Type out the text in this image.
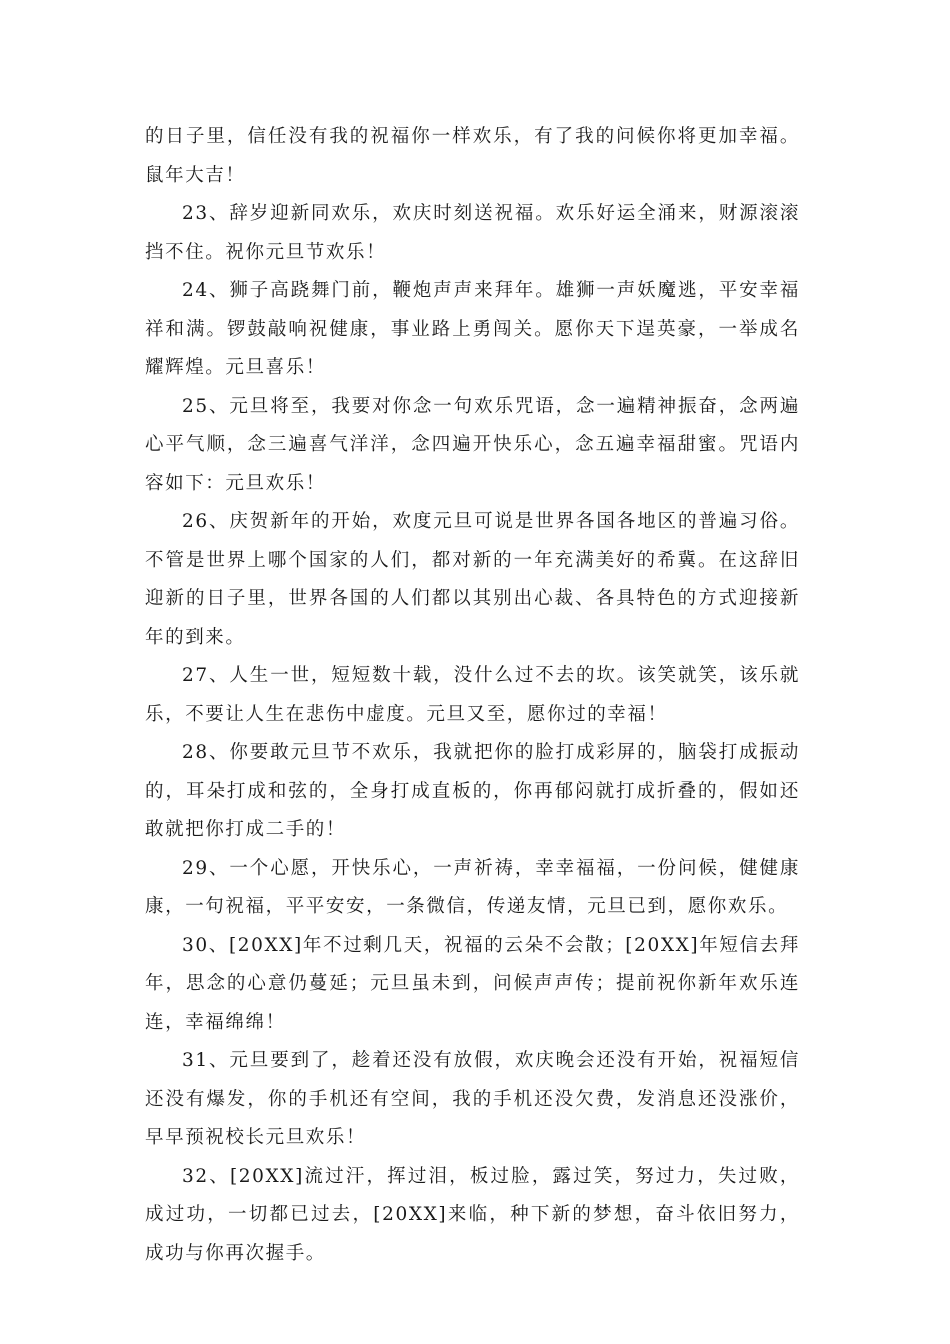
的日子里，信任没有我的祝福你一样欢乐，有了我的问候你将更加幸福。鼠年大吉！

23、辞岁迎新同欢乐，欢庆时刻送祝福。欢乐好运全涌来，财源滚滚挡不住。祝你元旦节欢乐！

24、狮子高跷舞门前，鞭炮声声来拜年。雄狮一声妖魔逃，平安幸福祥和满。锣鼓敲响祝健康，事业路上勇闯关。愿你天下逞英豪，一举成名耀辉煌。元旦喜乐！

25、元旦将至，我要对你念一句欢乐咒语，念一遍精神振奋，念两遍心平气顺，念三遍喜气洋洋，念四遍开快乐心，念五遍幸福甜蜜。咒语内容如下：元旦欢乐！

26、庆贺新年的开始，欢度元旦可说是世界各国各地区的普遍习俗。不管是世界上哪个国家的人们，都对新的一年充满美好的希冀。在这辞旧迎新的日子里，世界各国的人们都以其别出心裁、各具特色的方式迎接新年的到来。

27、人生一世，短短数十载，没什么过不去的坎。该笑就笑，该乐就乐，不要让人生在悲伤中虚度。元旦又至，愿你过的幸福！

28、你要敢元旦节不欢乐，我就把你的脸打成彩屏的，脑袋打成振动的，耳朵打成和弦的，全身打成直板的，你再郁闷就打成折叠的，假如还敢就把你打成二手的！

29、一个心愿，开快乐心，一声祈祷，幸幸福福，一份问候，健健康康，一句祝福，平平安安，一条微信，传递友情，元旦已到，愿你欢乐。

30、[20XX]年不过剩几天，祝福的云朵不会散；[20XX]年短信去拜年，思念的心意仍蔓延；元旦虽未到，问候声声传；提前祝你新年欢乐连连，幸福绵绵！

31、元旦要到了，趁着还没有放假，欢庆晚会还没有开始，祝福短信还没有爆发，你的手机还有空间，我的手机还没欠费，发消息还没涨价，早早预祝校长元旦欢乐！

32、[20XX]流过汗，挥过泪，板过脸，露过笑，努过力，失过败，成过功，一切都已过去，[20XX]来临，种下新的梦想，奋斗依旧努力，成功与你再次握手。
